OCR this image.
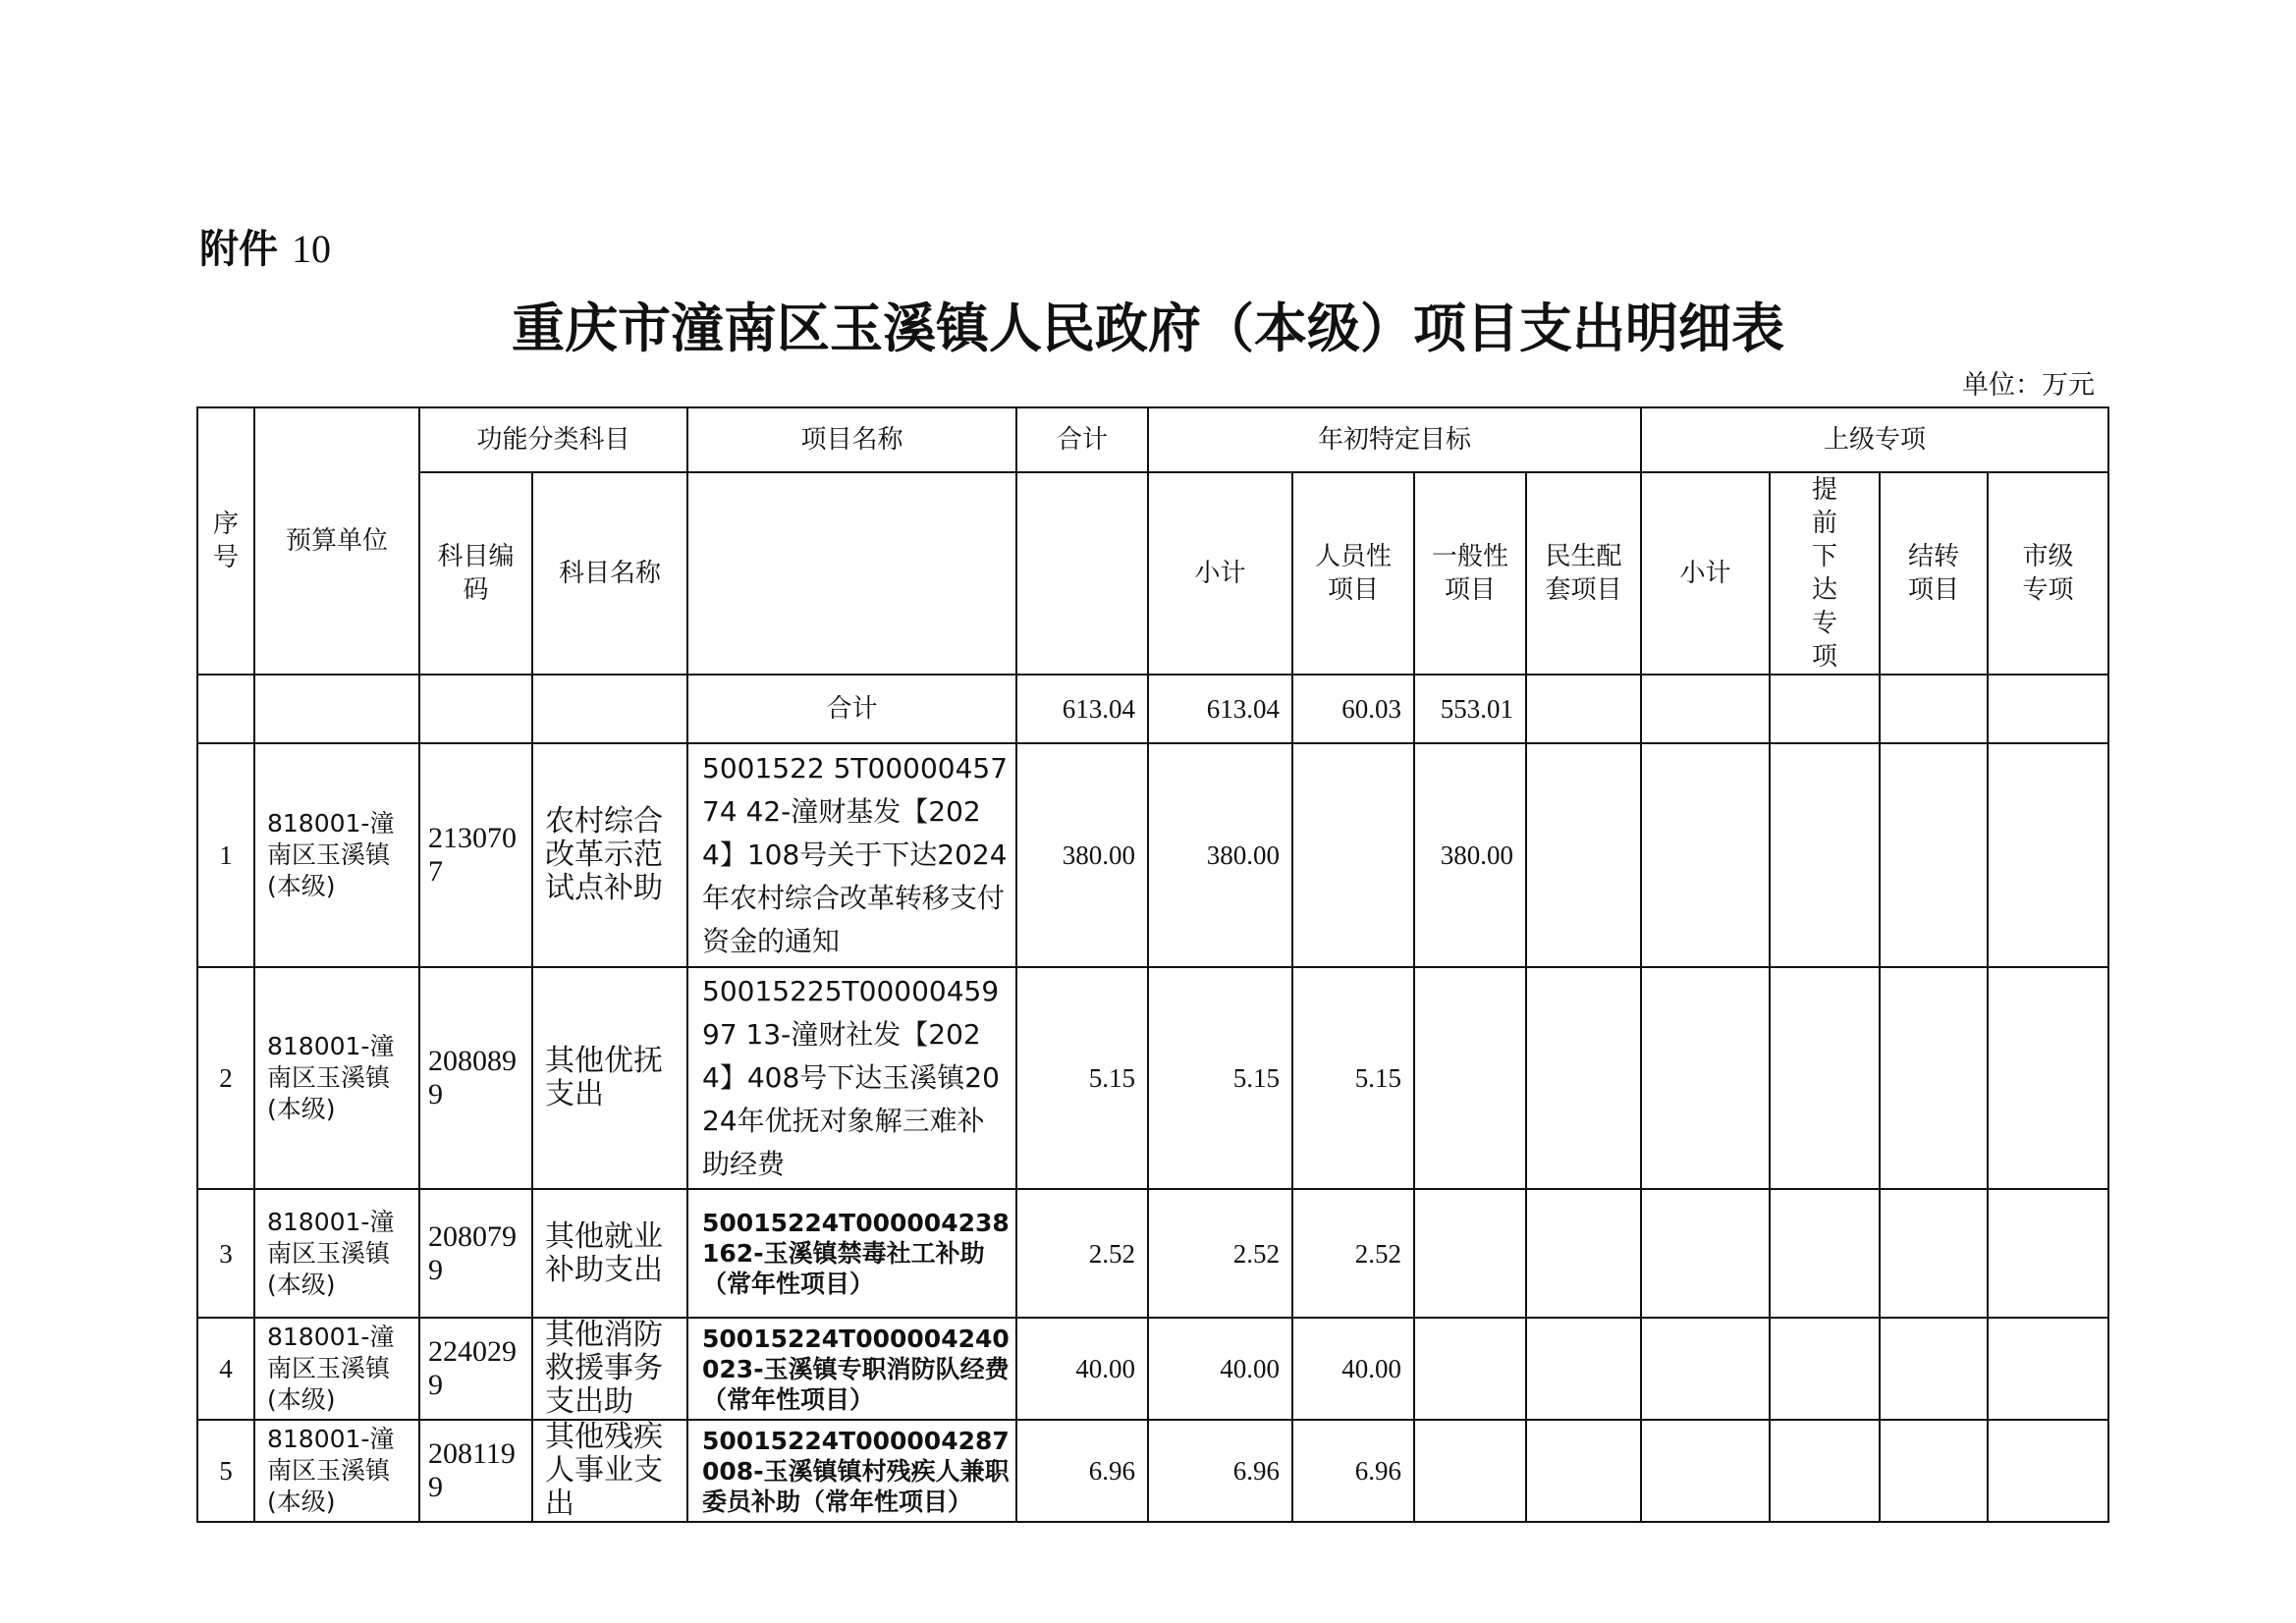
附件 10
重庆市潼南区玉溪镇人民政府（本级）项目支出明细表
单位：万元
序号	预算单位	功能分类科目		项目名称	合计	年初特定目标				上级专项			
		科目编码	科目名称			小计	人员性项目	一般性项目	民生配套项目	小计	提前下达专项	结转项目	市级专项
				合计	613.04	613.04	60.03	553.01					
1	818001-潼南区玉溪镇(本级)	2130707	农村综合改革示范试点补助	5001522 5T0000045774 42-潼财基发【2024】108号关于下达2024年农村综合改革转移支付资金的通知	380.00	380.00		380.00					
2	818001-潼南区玉溪镇(本级)	2080899	其他优抚支出	50015225T0000045997 13-潼财社发【2024】408号下达玉溪镇2024年优抚对象解三难补助经费	5.15	5.15	5.15						
3	818001-潼南区玉溪镇(本级)	2080799	其他就业补助支出	50015224T000004238162-玉溪镇禁毒社工补助（常年性项目）	2.52	2.52	2.52						
4	818001-潼南区玉溪镇(本级)	2240299	其他消防救援事务支出助	50015224T000004240023-玉溪镇专职消防队经费（常年性项目）	40.00	40.00	40.00						
5	818001-潼南区玉溪镇(本级)	2081199	其他残疾人事业支出	50015224T000004287008-玉溪镇镇村残疾人兼职委员补助（常年性项目）	6.96	6.96	6.96						
